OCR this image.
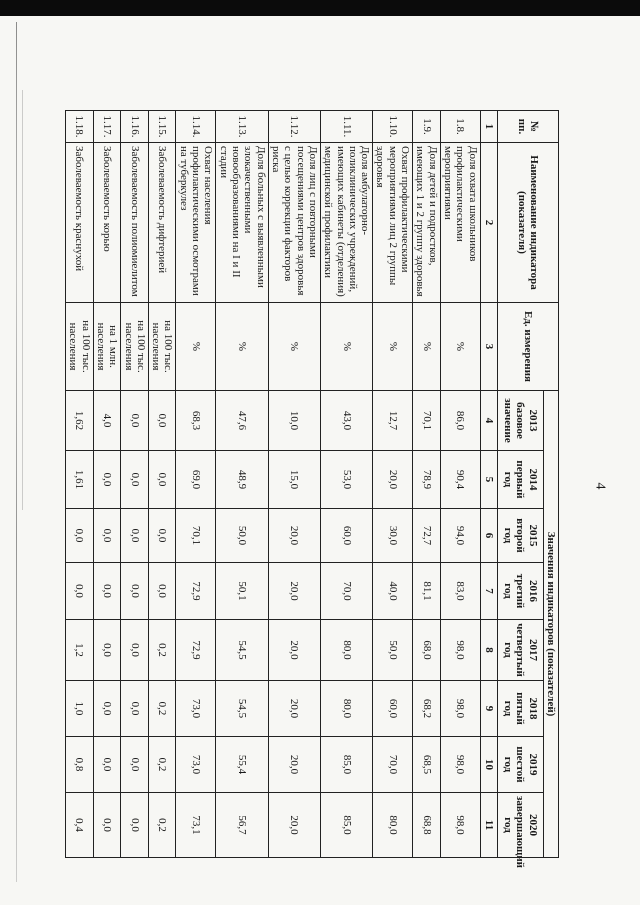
4
№ пп.	Наименование индикатора (показателя)	Ед. измерения	Значения индикаторов (показателей)							
			2013 базовое значение	2014 первый год	2015 второй год	2016 третий год	2017 четвертый год	2018 пятый год	2019 шестой год	2020 завершающий год
1	2	3	4	5	6	7	8	9	10	11
1.8.	Доля охвата школьников профилактическими мероприятиями	%	86,0	90,4	94,0	83,0	98,0	98,0	98,0	98,0
1.9.	Доля детей и подростков, имеющих 1 и 2 группу здоровья	%	70,1	78,9	72,7	81,1	68,0	68,2	68,5	68,8
1.10.	Охват профилактическими мероприятиями лиц 2 группы здоровья	%	12,7	20,0	30,0	40,0	50,0	60,0	70,0	80,0
1.11.	Доля амбулаторно-поликлинических учреждений, имеющих кабинеты (отделения) медицинской профилактики	%	43,0	53,0	60,0	70,0	80,0	80,0	85,0	85,0
1.12.	Доля лиц с повторными посещениями центров здоровья с целью коррекции факторов риска	%	10,0	15,0	20,0	20,0	20,0	20,0	20,0	20,0
1.13.	Доля больных с выявленными злокачественными новообразованиями на I и II стадии	%	47,6	48,9	50,0	50,1	54,5	54,5	55,4	56,7
1.14.	Охват населения профилактическими осмотрами на туберкулез	%	68,3	69,0	70,1	72,9	72,9	73,0	73,0	73,1
1.15.	Заболеваемость дифтерией	на 100 тыс. населения	0,0	0,0	0,0	0,0	0,2	0,2	0,2	0,2
1.16.	Заболеваемость полиомиелитом	на 100 тыс. населения	0,0	0,0	0,0	0,0	0,0	0,0	0,0	0,0
1.17.	Заболеваемость корью	на 1 млн. населения	4,0	0,0	0,0	0,0	0,0	0,0	0,0	0,0
1.18.	Заболеваемость краснухой	на 100 тыс. населения	1,62	1,61	0,0	0,0	1,2	1,0	0,8	0,4
